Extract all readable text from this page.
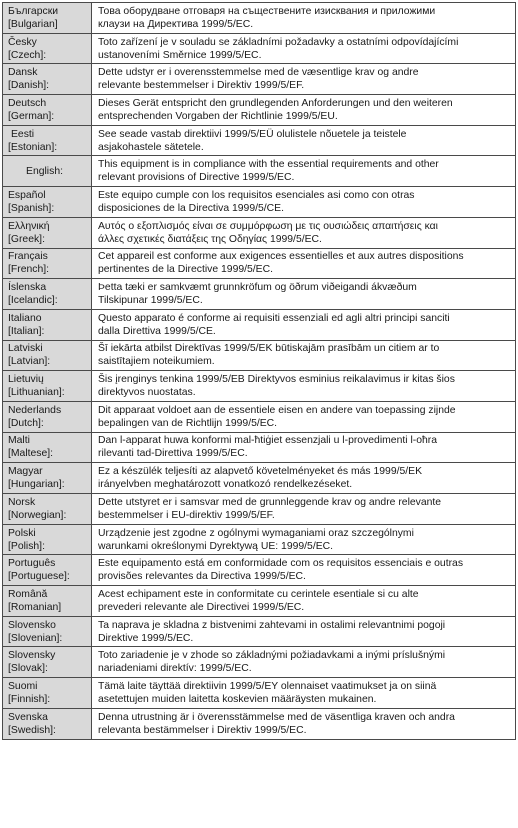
Български
[Bulgarian]	Това оборудване отговаря на съществените изисквания и приложими
клаузи на Директива 1999/5/ЕС.

Česky
[Czech]:	Toto zařízení je v souladu se základními požadavky a ostatními odpovídajícími
ustanoveními Směrnice 1999/5/EC.

Dansk
[Danish]:	Dette udstyr er i overensstemmelse med de væsentlige krav og andre
relevante bestemmelser i Direktiv 1999/5/EF.

Deutsch
[German]:	Dieses Gerät entspricht den grundlegenden Anforderungen und den weiteren
entsprechenden Vorgaben der Richtlinie 1999/5/EU.

Eesti
[Estonian]:	See seade vastab direktiivi 1999/5/EÜ olulistele nõuetele ja teistele
asjakohastele sätetele.

English:	This equipment is in compliance with the essential requirements and other
relevant provisions of Directive 1999/5/EC.

Español
[Spanish]:	Este equipo cumple con los requisitos esenciales asi como con otras
disposiciones de la Directiva 1999/5/CE.

Ελληνική
[Greek]:	Αυτός ο εξοπλισμός είναι σε συμμόρφωση με τις ουσιώδεις απαιτήσεις και
άλλες σχετικές διατάξεις της Οδηγίας 1999/5/EC.

Français
[French]:	Cet appareil est conforme aux exigences essentielles et aux autres dispositions
pertinentes de la Directive 1999/5/EC.

Íslenska
[Icelandic]:	Þetta tæki er samkvæmt grunnkröfum og öðrum viðeigandi ákvæðum
Tilskipunar 1999/5/EC.

Italiano
[Italian]:	Questo apparato é conforme ai requisiti essenziali ed agli altri principi sanciti
dalla Direttiva 1999/5/CE.

Latviski
[Latvian]:	Šī iekārta atbilst Direktīvas 1999/5/EK būtiskajām prasībām un citiem ar to
saistītajiem noteikumiem.

Lietuvių
[Lithuanian]:	Šis įrenginys tenkina 1999/5/EB Direktyvos esminius reikalavimus ir kitas šios
direktyvos nuostatas.

Nederlands
[Dutch]:	Dit apparaat voldoet aan de essentiele eisen en andere van toepassing zijnde
bepalingen van de Richtlijn 1999/5/EC.

Malti
[Maltese]:	Dan l-apparat huwa konformi mal-ħtiġiet essenzjali u l-provedimenti l-oħra
rilevanti tad-Direttiva 1999/5/EC.

Magyar
[Hungarian]:	Ez a készülék teljesíti az alapvető követelményeket és más 1999/5/EK
irányelvben meghatározott vonatkozó rendelkezéseket.

Norsk
[Norwegian]:	Dette utstyret er i samsvar med de grunnleggende krav og andre relevante
bestemmelser i EU-direktiv 1999/5/EF.

Polski
[Polish]:	Urządzenie jest zgodne z ogólnymi wymaganiami oraz szczególnymi
warunkami określonymi Dyrektywą UE: 1999/5/EC.

Português
[Portuguese]:	Este equipamento está em conformidade com os requisitos essenciais e outras
provisões relevantes da Directiva 1999/5/EC.

Română
[Romanian]	Acest echipament este in conformitate cu cerintele esentiale si cu alte
prevederi relevante ale Directivei 1999/5/EC.

Slovensko
[Slovenian]:	Ta naprava je skladna z bistvenimi zahtevami in ostalimi relevantnimi pogoji
Direktive 1999/5/EC.

Slovensky
[Slovak]:	Toto zariadenie je v zhode so základnými požiadavkami a inými príslušnými
nariadeniami direktív: 1999/5/EC.

Suomi
[Finnish]:	Tämä laite täyttää direktiivin 1999/5/EY olennaiset vaatimukset ja on siinä
asetettujen muiden laitetta koskevien määräysten mukainen.

Svenska
[Swedish]:	Denna utrustning är i överensstämmelse med de väsentliga kraven och andra
relevanta bestämmelser i Direktiv 1999/5/EC.
